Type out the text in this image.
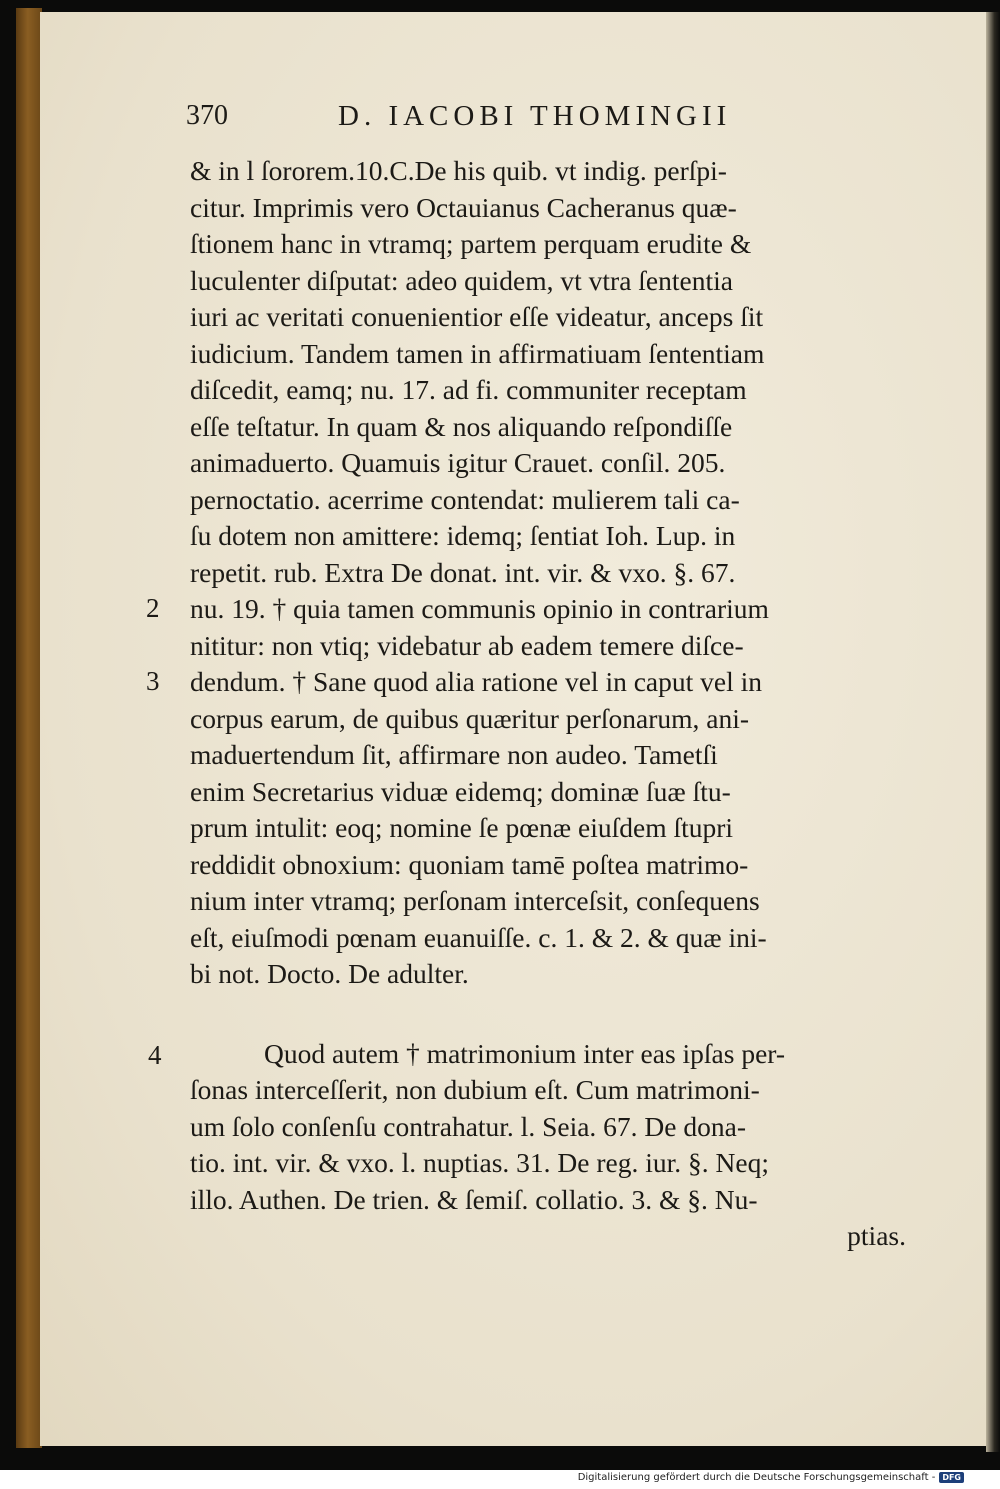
370	D. IACOBI THOMINGII
2
3
4
& in l ſororem.10.C.De his quib. vt indig. perſpi-
citur. Imprimis vero Octauianus Cacheranus quæ-
ſtionem hanc in vtramq; partem perquam erudite &
luculenter diſputat: adeo quidem, vt vtra ſententia
iuri ac veritati conuenientior eſſe videatur, anceps ſit
iudicium. Tandem tamen in affirmatiuam ſententiam
diſcedit, eamq; nu. 17. ad fi. communiter receptam
eſſe teſtatur. In quam & nos aliquando reſpondiſſe
animaduerto. Quamuis igitur Crauet. conſil. 205.
pernoctatio. acerrime contendat: mulierem tali ca-
ſu dotem non amittere: idemq; ſentiat Ioh. Lup. in
repetit. rub. Extra De donat. int. vir. & vxo. §. 67.
nu. 19. † quia tamen communis opinio in contrarium
nititur: non vtiq; videbatur ab eadem temere diſce-
dendum. † Sane quod alia ratione vel in caput vel in
corpus earum, de quibus quæritur perſonarum, ani-
maduertendum ſit, affirmare non audeo. Tametſi
enim Secretarius viduæ eidemq; dominæ ſuæ ſtu-
prum intulit: eoq; nomine ſe pœnæ eiuſdem ſtupri
reddidit obnoxium: quoniam tamē poſtea matrimo-
nium inter vtramq; perſonam interceſsit, conſequens
eſt, eiuſmodi pœnam euanuiſſe. c. 1. & 2. & quæ ini-
bi not. Docto. De adulter.
Quod autem † matrimonium inter eas ipſas per-
ſonas interceſſerit, non dubium eſt. Cum matrimoni-
um ſolo conſenſu contrahatur. l. Seia. 67. De dona-
tio. int. vir. & vxo. l. nuptias. 31. De reg. iur. §. Neq;
illo. Authen. De trien. & ſemiſ. collatio. 3. & §. Nu-
ptias.
Digitalisierung gefördert durch die Deutsche Forschungsgemeinschaft - DFG
